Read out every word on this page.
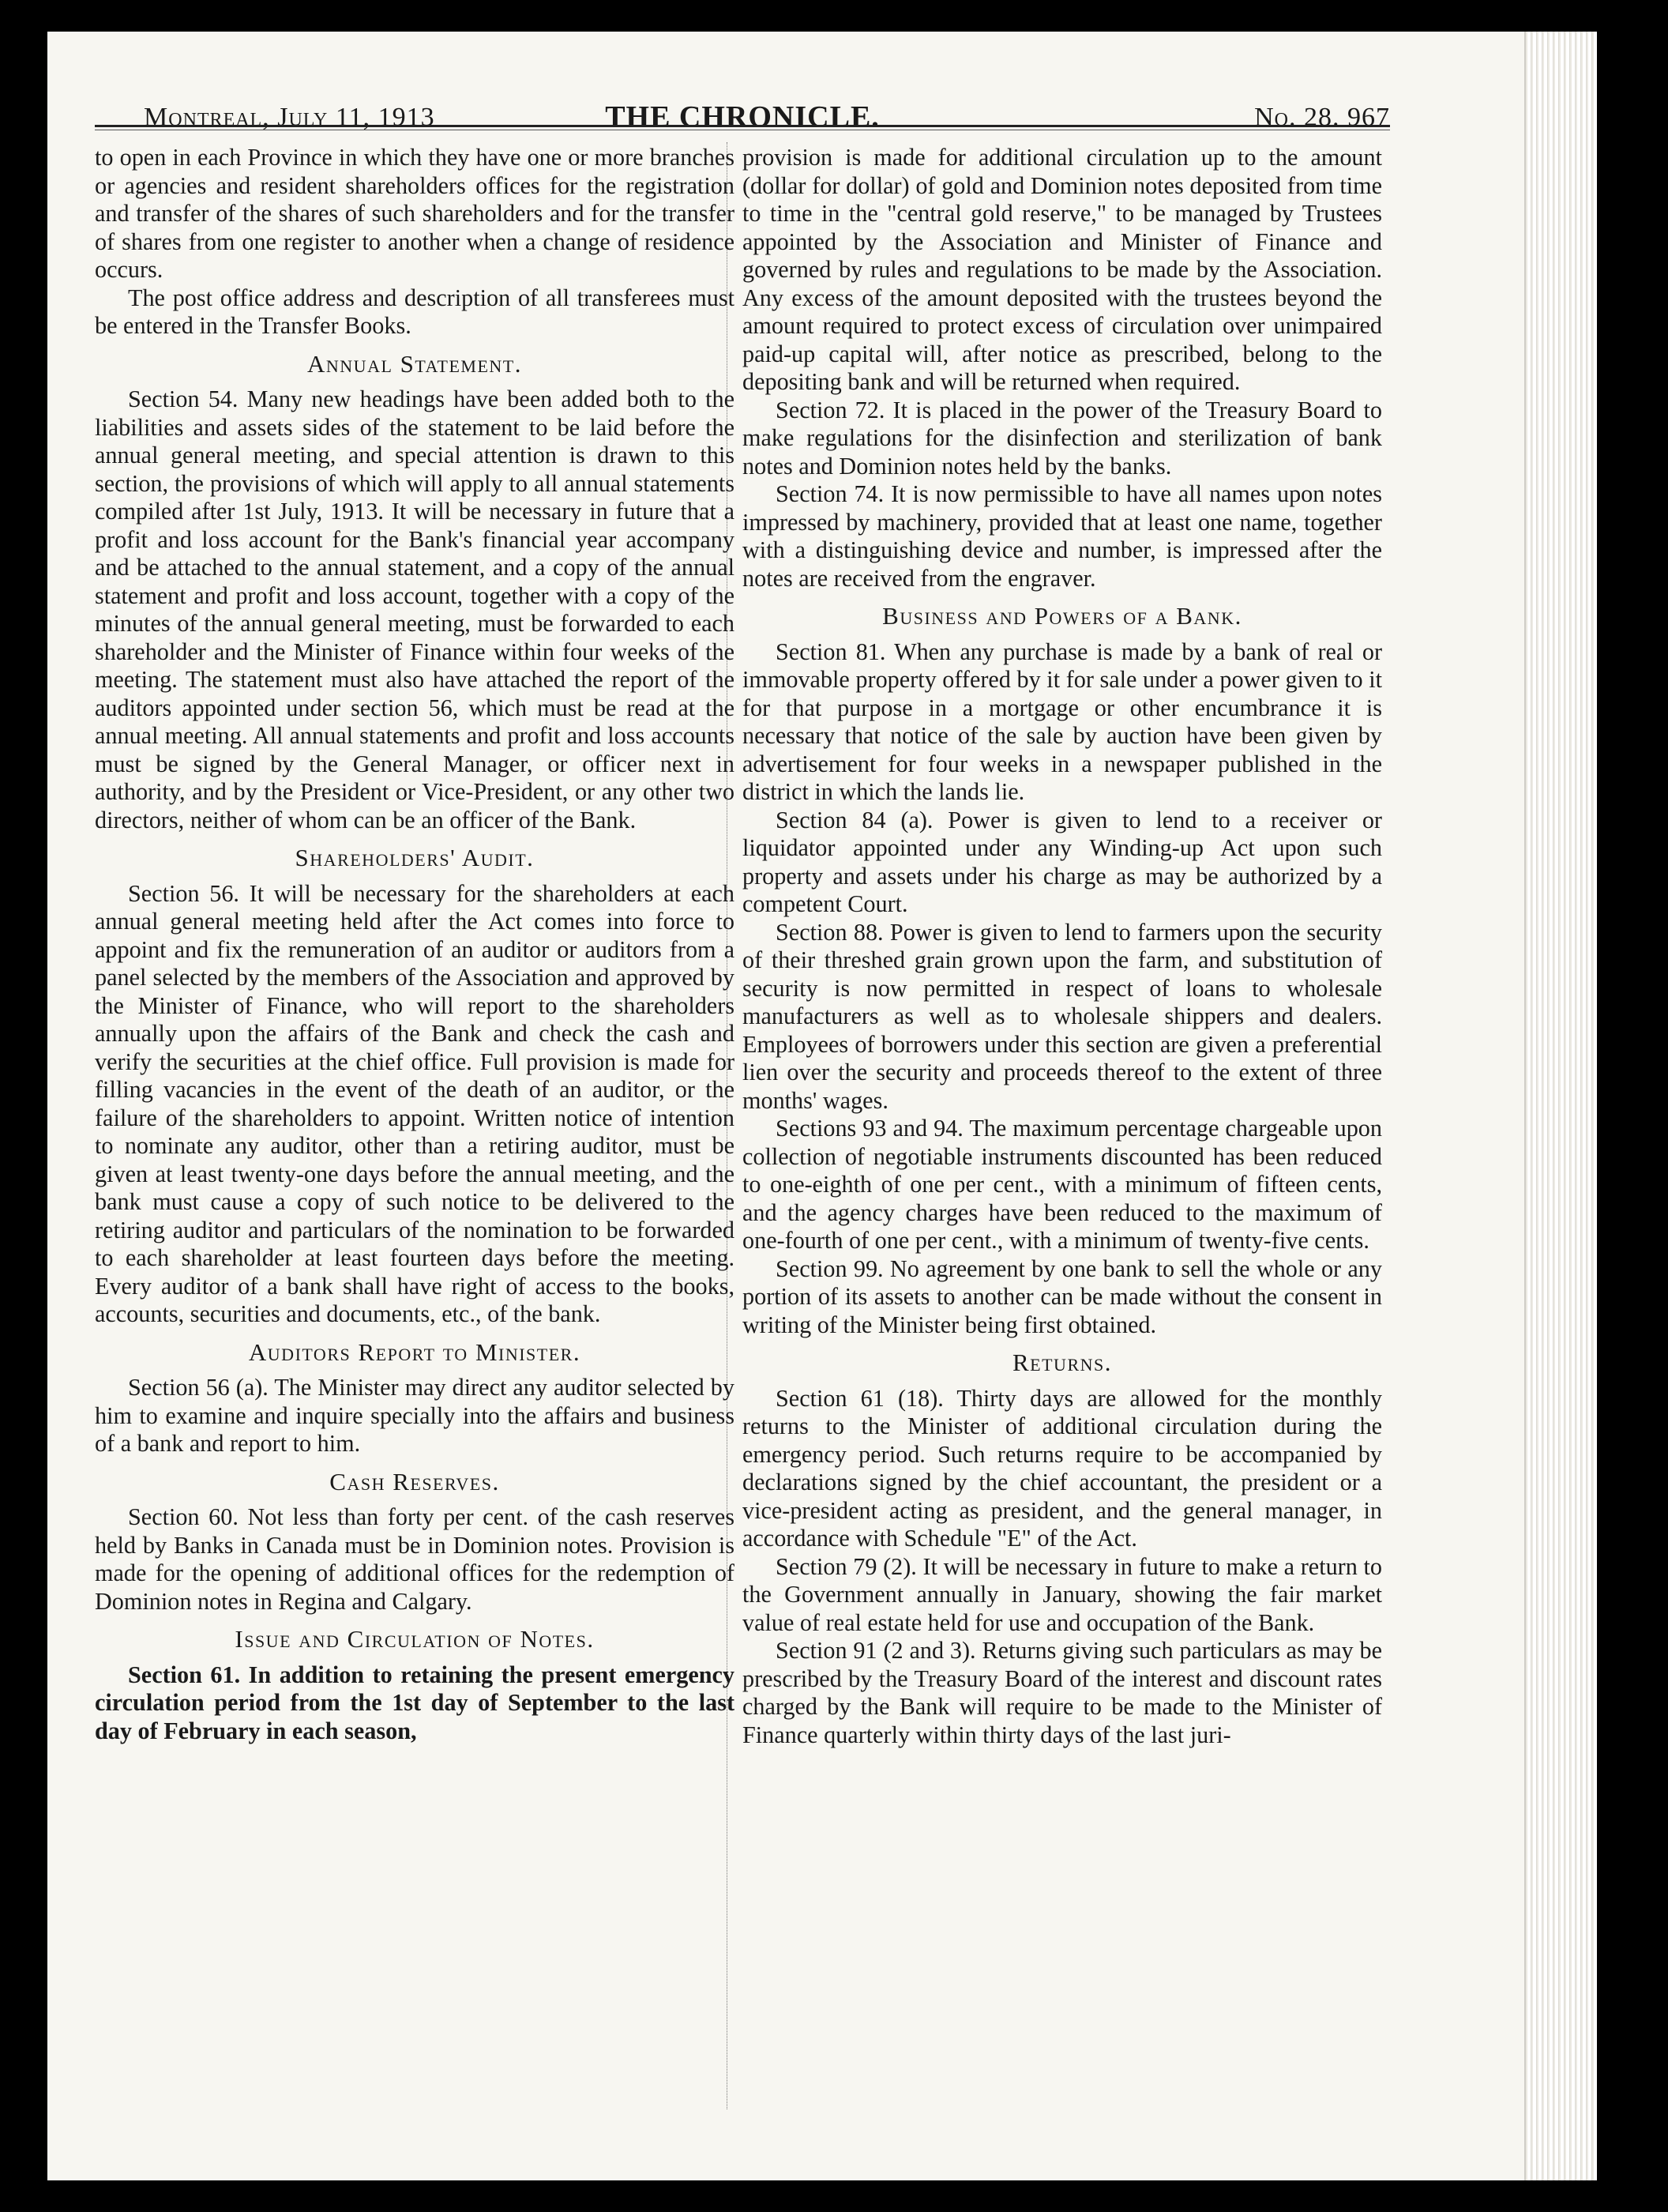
Montreal, July 11, 1913	THE CHRONICLE.	No. 28. 967

to open in each Province in which they have one or more branches or agencies and resident shareholders offices for the registration and transfer of the shares of such shareholders and for the transfer of shares from one register to another when a change of residence occurs.

The post office address and description of all transferees must be entered in the Transfer Books.

Annual Statement.

Section 54. Many new headings have been added both to the liabilities and assets sides of the statement to be laid before the annual general meeting, and special attention is drawn to this section, the provisions of which will apply to all annual statements compiled after 1st July, 1913. It will be necessary in future that a profit and loss account for the Bank's financial year accompany and be attached to the annual statement, and a copy of the annual statement and profit and loss account, together with a copy of the minutes of the annual general meeting, must be forwarded to each shareholder and the Minister of Finance within four weeks of the meeting. The statement must also have attached the report of the auditors appointed under section 56, which must be read at the annual meeting. All annual statements and profit and loss accounts must be signed by the General Manager, or officer next in authority, and by the President or Vice-President, or any other two directors, neither of whom can be an officer of the Bank.

Shareholders' Audit.

Section 56. It will be necessary for the shareholders at each annual general meeting held after the Act comes into force to appoint and fix the remuneration of an auditor or auditors from a panel selected by the members of the Association and approved by the Minister of Finance, who will report to the shareholders annually upon the affairs of the Bank and check the cash and verify the securities at the chief office. Full provision is made for filling vacancies in the event of the death of an auditor, or the failure of the shareholders to appoint. Written notice of intention to nominate any auditor, other than a retiring auditor, must be given at least twenty-one days before the annual meeting, and the bank must cause a copy of such notice to be delivered to the retiring auditor and particulars of the nomination to be forwarded to each shareholder at least fourteen days before the meeting. Every auditor of a bank shall have right of access to the books, accounts, securities and documents, etc., of the bank.

Auditors Report to Minister.

Section 56 (a). The Minister may direct any auditor selected by him to examine and inquire specially into the affairs and business of a bank and report to him.

Cash Reserves.

Section 60. Not less than forty per cent. of the cash reserves held by Banks in Canada must be in Dominion notes. Provision is made for the opening of additional offices for the redemption of Dominion notes in Regina and Calgary.

Issue and Circulation of Notes.

Section 61. In addition to retaining the present emergency circulation period from the 1st day of September to the last day of February in each season,

provision is made for additional circulation up to the amount (dollar for dollar) of gold and Dominion notes deposited from time to time in the "central gold reserve," to be managed by Trustees appointed by the Association and Minister of Finance and governed by rules and regulations to be made by the Association. Any excess of the amount deposited with the trustees beyond the amount required to protect excess of circulation over unimpaired paid-up capital will, after notice as prescribed, belong to the depositing bank and will be returned when required.

Section 72. It is placed in the power of the Treasury Board to make regulations for the disinfection and sterilization of bank notes and Dominion notes held by the banks.

Section 74. It is now permissible to have all names upon notes impressed by machinery, provided that at least one name, together with a distinguishing device and number, is impressed after the notes are received from the engraver.

Business and Powers of a Bank.

Section 81. When any purchase is made by a bank of real or immovable property offered by it for sale under a power given to it for that purpose in a mortgage or other encumbrance it is necessary that notice of the sale by auction have been given by advertisement for four weeks in a newspaper published in the district in which the lands lie.

Section 84 (a). Power is given to lend to a receiver or liquidator appointed under any Winding-up Act upon such property and assets under his charge as may be authorized by a competent Court.

Section 88. Power is given to lend to farmers upon the security of their threshed grain grown upon the farm, and substitution of security is now permitted in respect of loans to wholesale manufacturers as well as to wholesale shippers and dealers. Employees of borrowers under this section are given a preferential lien over the security and proceeds thereof to the extent of three months' wages.

Sections 93 and 94. The maximum percentage chargeable upon collection of negotiable instruments discounted has been reduced to one-eighth of one per cent., with a minimum of fifteen cents, and the agency charges have been reduced to the maximum of one-fourth of one per cent., with a minimum of twenty-five cents.

Section 99. No agreement by one bank to sell the whole or any portion of its assets to another can be made without the consent in writing of the Minister being first obtained.

Returns.

Section 61 (18). Thirty days are allowed for the monthly returns to the Minister of additional circulation during the emergency period. Such returns require to be accompanied by declarations signed by the chief accountant, the president or a vice-president acting as president, and the general manager, in accordance with Schedule "E" of the Act.

Section 79 (2). It will be necessary in future to make a return to the Government annually in January, showing the fair market value of real estate held for use and occupation of the Bank.

Section 91 (2 and 3). Returns giving such particulars as may be prescribed by the Treasury Board of the interest and discount rates charged by the Bank will require to be made to the Minister of Finance quarterly within thirty days of the last juri-
